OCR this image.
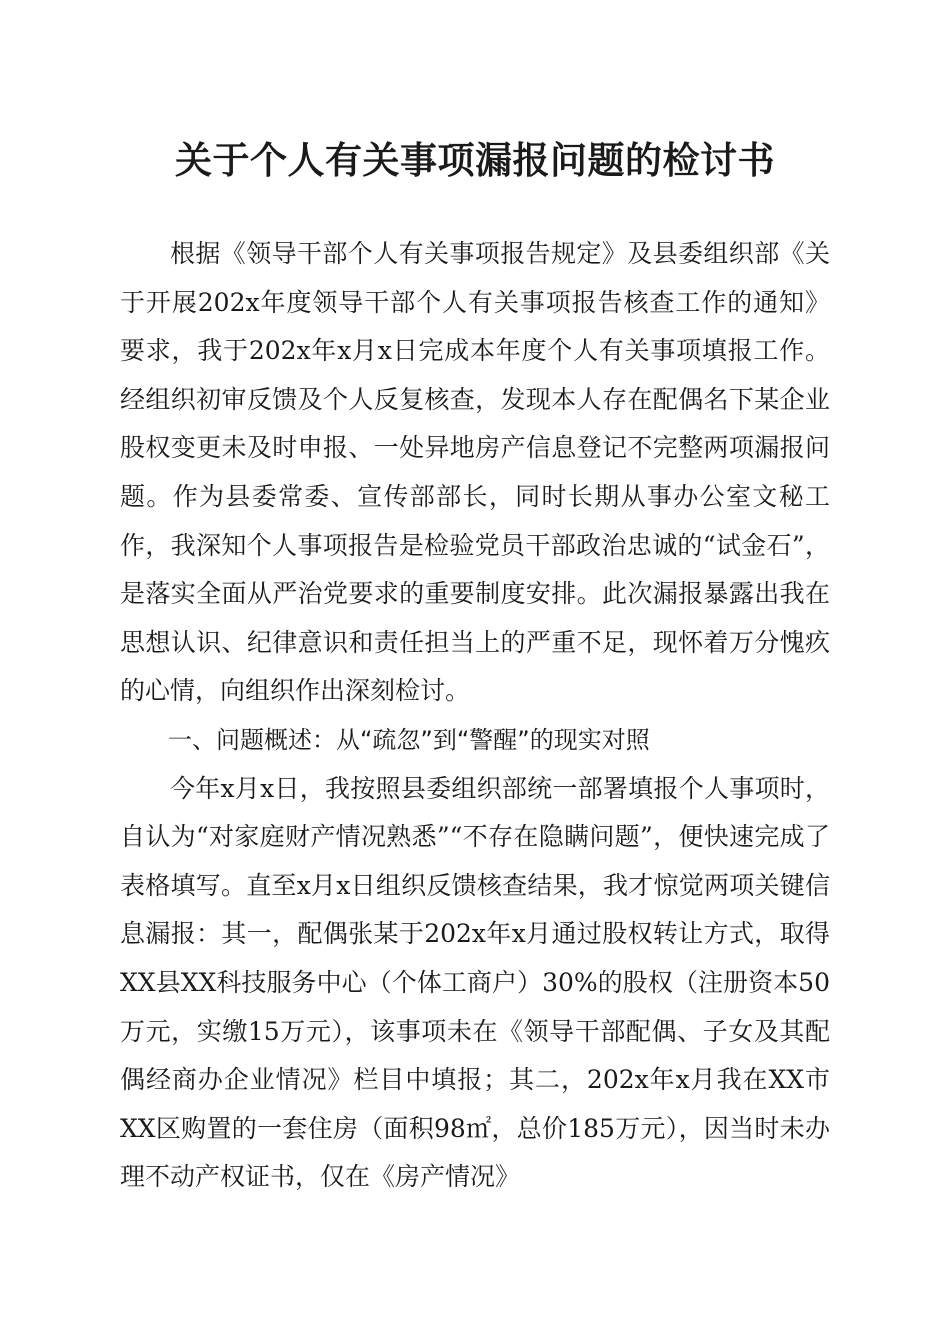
关于个人有关事项漏报问题的检讨书

根据《领导干部个人有关事项报告规定》及县委组织部《关于开展202x年度领导干部个人有关事项报告核查工作的通知》要求，我于202x年x月x日完成本年度个人有关事项填报工作。经组织初审反馈及个人反复核查，发现本人存在配偶名下某企业股权变更未及时申报、一处异地房产信息登记不完整两项漏报问题。作为县委常委、宣传部部长，同时长期从事办公室文秘工作，我深知个人事项报告是检验党员干部政治忠诚的“试金石”，是落实全面从严治党要求的重要制度安排。此次漏报暴露出我在思想认识、纪律意识和责任担当上的严重不足，现怀着万分愧疚的心情，向组织作出深刻检讨。

一、问题概述：从“疏忽”到“警醒”的现实对照

今年x月x日，我按照县委组织部统一部署填报个人事项时，自认为“对家庭财产情况熟悉”“不存在隐瞒问题”，便快速完成了表格填写。直至x月x日组织反馈核查结果，我才惊觉两项关键信息漏报：其一，配偶张某于202x年x月通过股权转让方式，取得XX县XX科技服务中心（个体工商户）30%的股权（注册资本50万元，实缴15万元），该事项未在《领导干部配偶、子女及其配偶经商办企业情况》栏目中填报；其二，202x年x月我在XX市XX区购置的一套住房（面积98㎡，总价185万元），因当时未办理不动产权证书，仅在《房产情况》
